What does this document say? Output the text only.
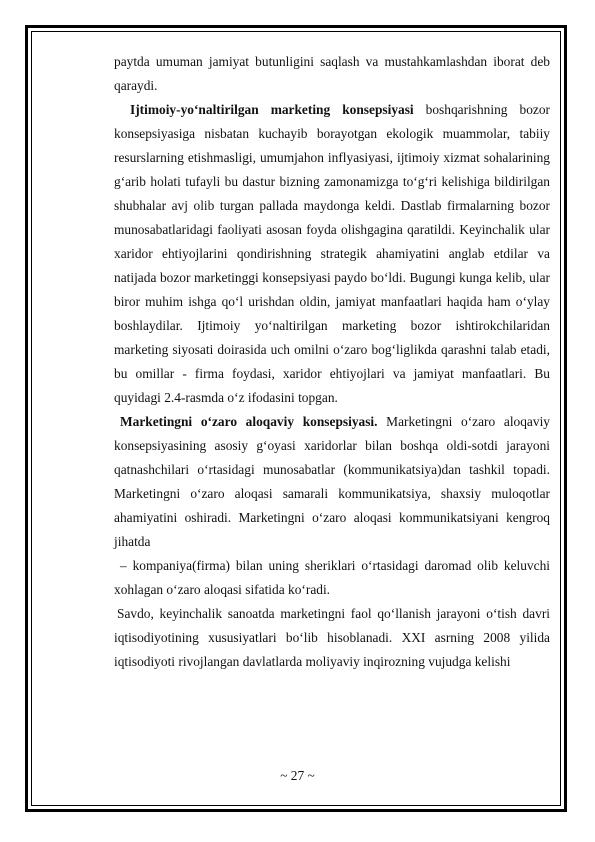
paytda umuman jamiyat butunligini saqlash va mustahkamlashdan iborat deb qaraydi.

Ijtimoiy-yo‘naltirilgan marketing konsepsiyasi boshqarishning bozor konsepsiyasiga nisbatan kuchayib borayotgan ekologik muammolar, tabiiy resurslarning etishmasligi, umumjahon inflyasiyasi, ijtimoiy xizmat sohalarining g‘arib holati tufayli bu dastur bizning zamonamizga to‘g‘ri kelishiga bildirilgan shubhalar avj olib turgan pallada maydonga keldi. Dastlab firmalarning bozor munosabatlaridagi faoliyati asosan foyda olishgagina qaratildi. Keyinchalik ular xaridor ehtiyojlarini qondirishning strategik ahamiyatini anglab etdilar va natijada bozor marketinggi konsepsiyasi paydo bo‘ldi. Bugungi kunga kelib, ular biror muhim ishga qo‘l urishdan oldin, jamiyat manfaatlari haqida ham o‘ylay boshlaydilar. Ijtimoiy yo‘naltirilgan marketing bozor ishtirokchilaridan marketing siyosati doirasida uch omilni o‘zaro bog‘liglikda qarashni talab etadi, bu omillar - firma foydasi, xaridor ehtiyojlari va jamiyat manfaatlari. Bu quyidagi 2.4-rasmda o‘z ifodasini topgan.

Marketingni o‘zaro aloqaviy konsepsiyasi. Marketingni o‘zaro aloqaviy konsepsiyasining asosiy g‘oyasi xaridorlar bilan boshqa oldi-sotdi jarayoni qatnashchilari o‘rtasidagi munosabatlar (kommunikatsiya)dan tashkil topadi. Marketingni o‘zaro aloqasi samarali kommunikatsiya, shaxsiy muloqotlar ahamiyatini oshiradi. Marketingni o‘zaro aloqasi kommunikatsiyani kengroq jihatda

– kompaniya(firma) bilan uning sheriklari o‘rtasidagi daromad olib keluvchi xohlagan o‘zaro aloqasi sifatida ko‘radi.

Savdo, keyinchalik sanoatda marketingni faol qo‘llanish jarayoni o‘tish davri iqtisodiyotining xususiyatlari bo‘lib hisoblanadi. XXI asrning 2008 yilida iqtisodiyoti rivojlangan davlatlarda moliyaviy inqirozning vujudga kelishi

~ 27 ~
